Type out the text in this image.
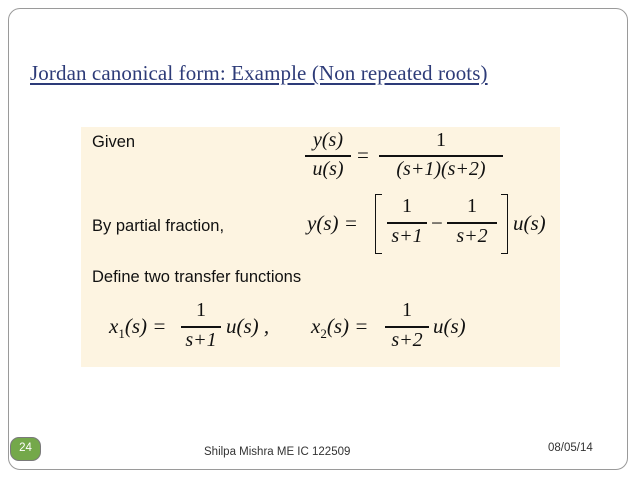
Jordan canonical form: Example (Non repeated roots)
Given	y(s)
u(s)
=
1
(s+1)(s+2)
By partial fraction,	y(s) =
1
s+1
−
1
s+2
u(s)
Define two transfer functions
$x_1(s)$ =
1
s+1
u(s) , $x_2(s)$ =
1
s+2
u(s)
24	Shilpa Mishra ME IC 122509	08/05/14
